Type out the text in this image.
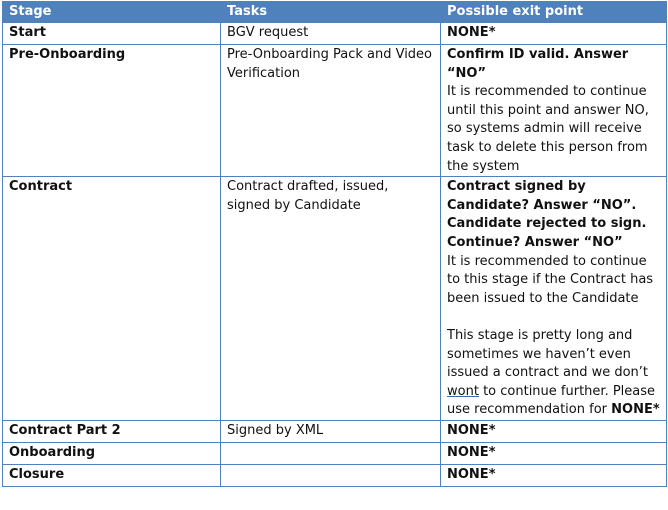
Stage	Tasks	Possible exit point
Start	BGV request	NONE*
Pre-Onboarding	Pre-Onboarding Pack and Video Verification	Confirm ID valid. Answer “NO”
It is recommended to continue until this point and answer NO, so systems admin will receive task to delete this person from the system

Contract	Contract drafted, issued, signed by Candidate	Contract signed by Candidate? Answer “NO”. Candidate rejected to sign. Continue? Answer “NO”
It is recommended to continue to this stage if the Contract has been issued to the Candidate
This stage is pretty long and sometimes we haven’t even issued a contract and we don’t wont to continue further. Please use recommendation for NONE*

Contract Part 2	Signed by XML	NONE*
Onboarding		NONE*
Closure		NONE*
